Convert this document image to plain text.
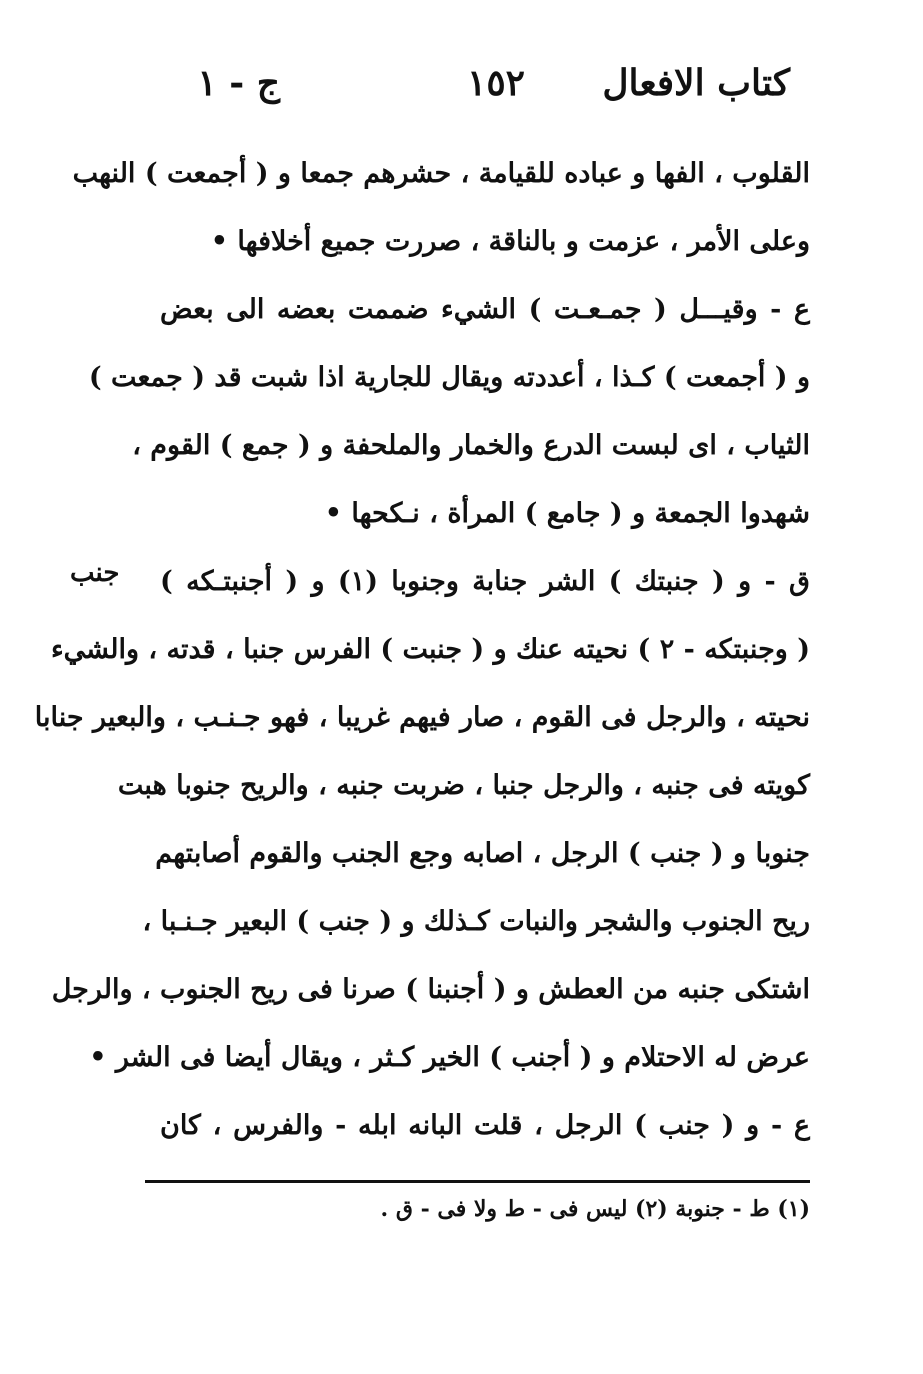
كتاب الافعال
١٥٢
ج - ١
جنب
القلوب ، الفها و عباده للقيامة ، حشرهم جمعا و ( أجمعت ) النهب
وعلى الأمر ، عزمت و بالناقة ، صررت جميع أخلافها •
ع - وقيـــل ( جمـعـت ) الشيء ضممت بعضه الى بعض
و ( أجمعت ) كـذا ، أعددته ويقال للجارية اذا شبت قد ( جمعت )
الثياب ، اى لبست الدرع والخمار والملحفة و ( جمع ) القوم ،
شهدوا الجمعة و ( جامع ) المرأة ، نـكحها •
ق - و ( جنبتك ) الشر جنابة وجنوبا (١) و ( أجنبتـكه )
( وجنبتكه - ٢ ) نحيته عنك و ( جنبت ) الفرس جنبا ، قدته ، والشيء
نحيته ، والرجل فى القوم ، صار فيهم غريبا ، فهو جـنـب ، والبعير جنابا
كويته فى جنبه ، والرجل جنبا ، ضربت جنبه ، والريح جنوبا هبت
جنوبا و ( جنب ) الرجل ، اصابه وجع الجنب والقوم أصابتهم
ريح الجنوب والشجر والنبات كـذلك و ( جنب ) البعير جـنـبا ،
اشتكى جنبه من العطش و ( أجنبنا ) صرنا فى ريح الجنوب ، والرجل
عرض له الاحتلام و ( أجنب ) الخير كـثر ، ويقال أيضا فى الشر •
ع - و ( جنب ) الرجل ، قلت البانه ابله - والفرس ، كان
(١) ط - جنوبة (٢) ليس فى - ط ولا فى - ق .
